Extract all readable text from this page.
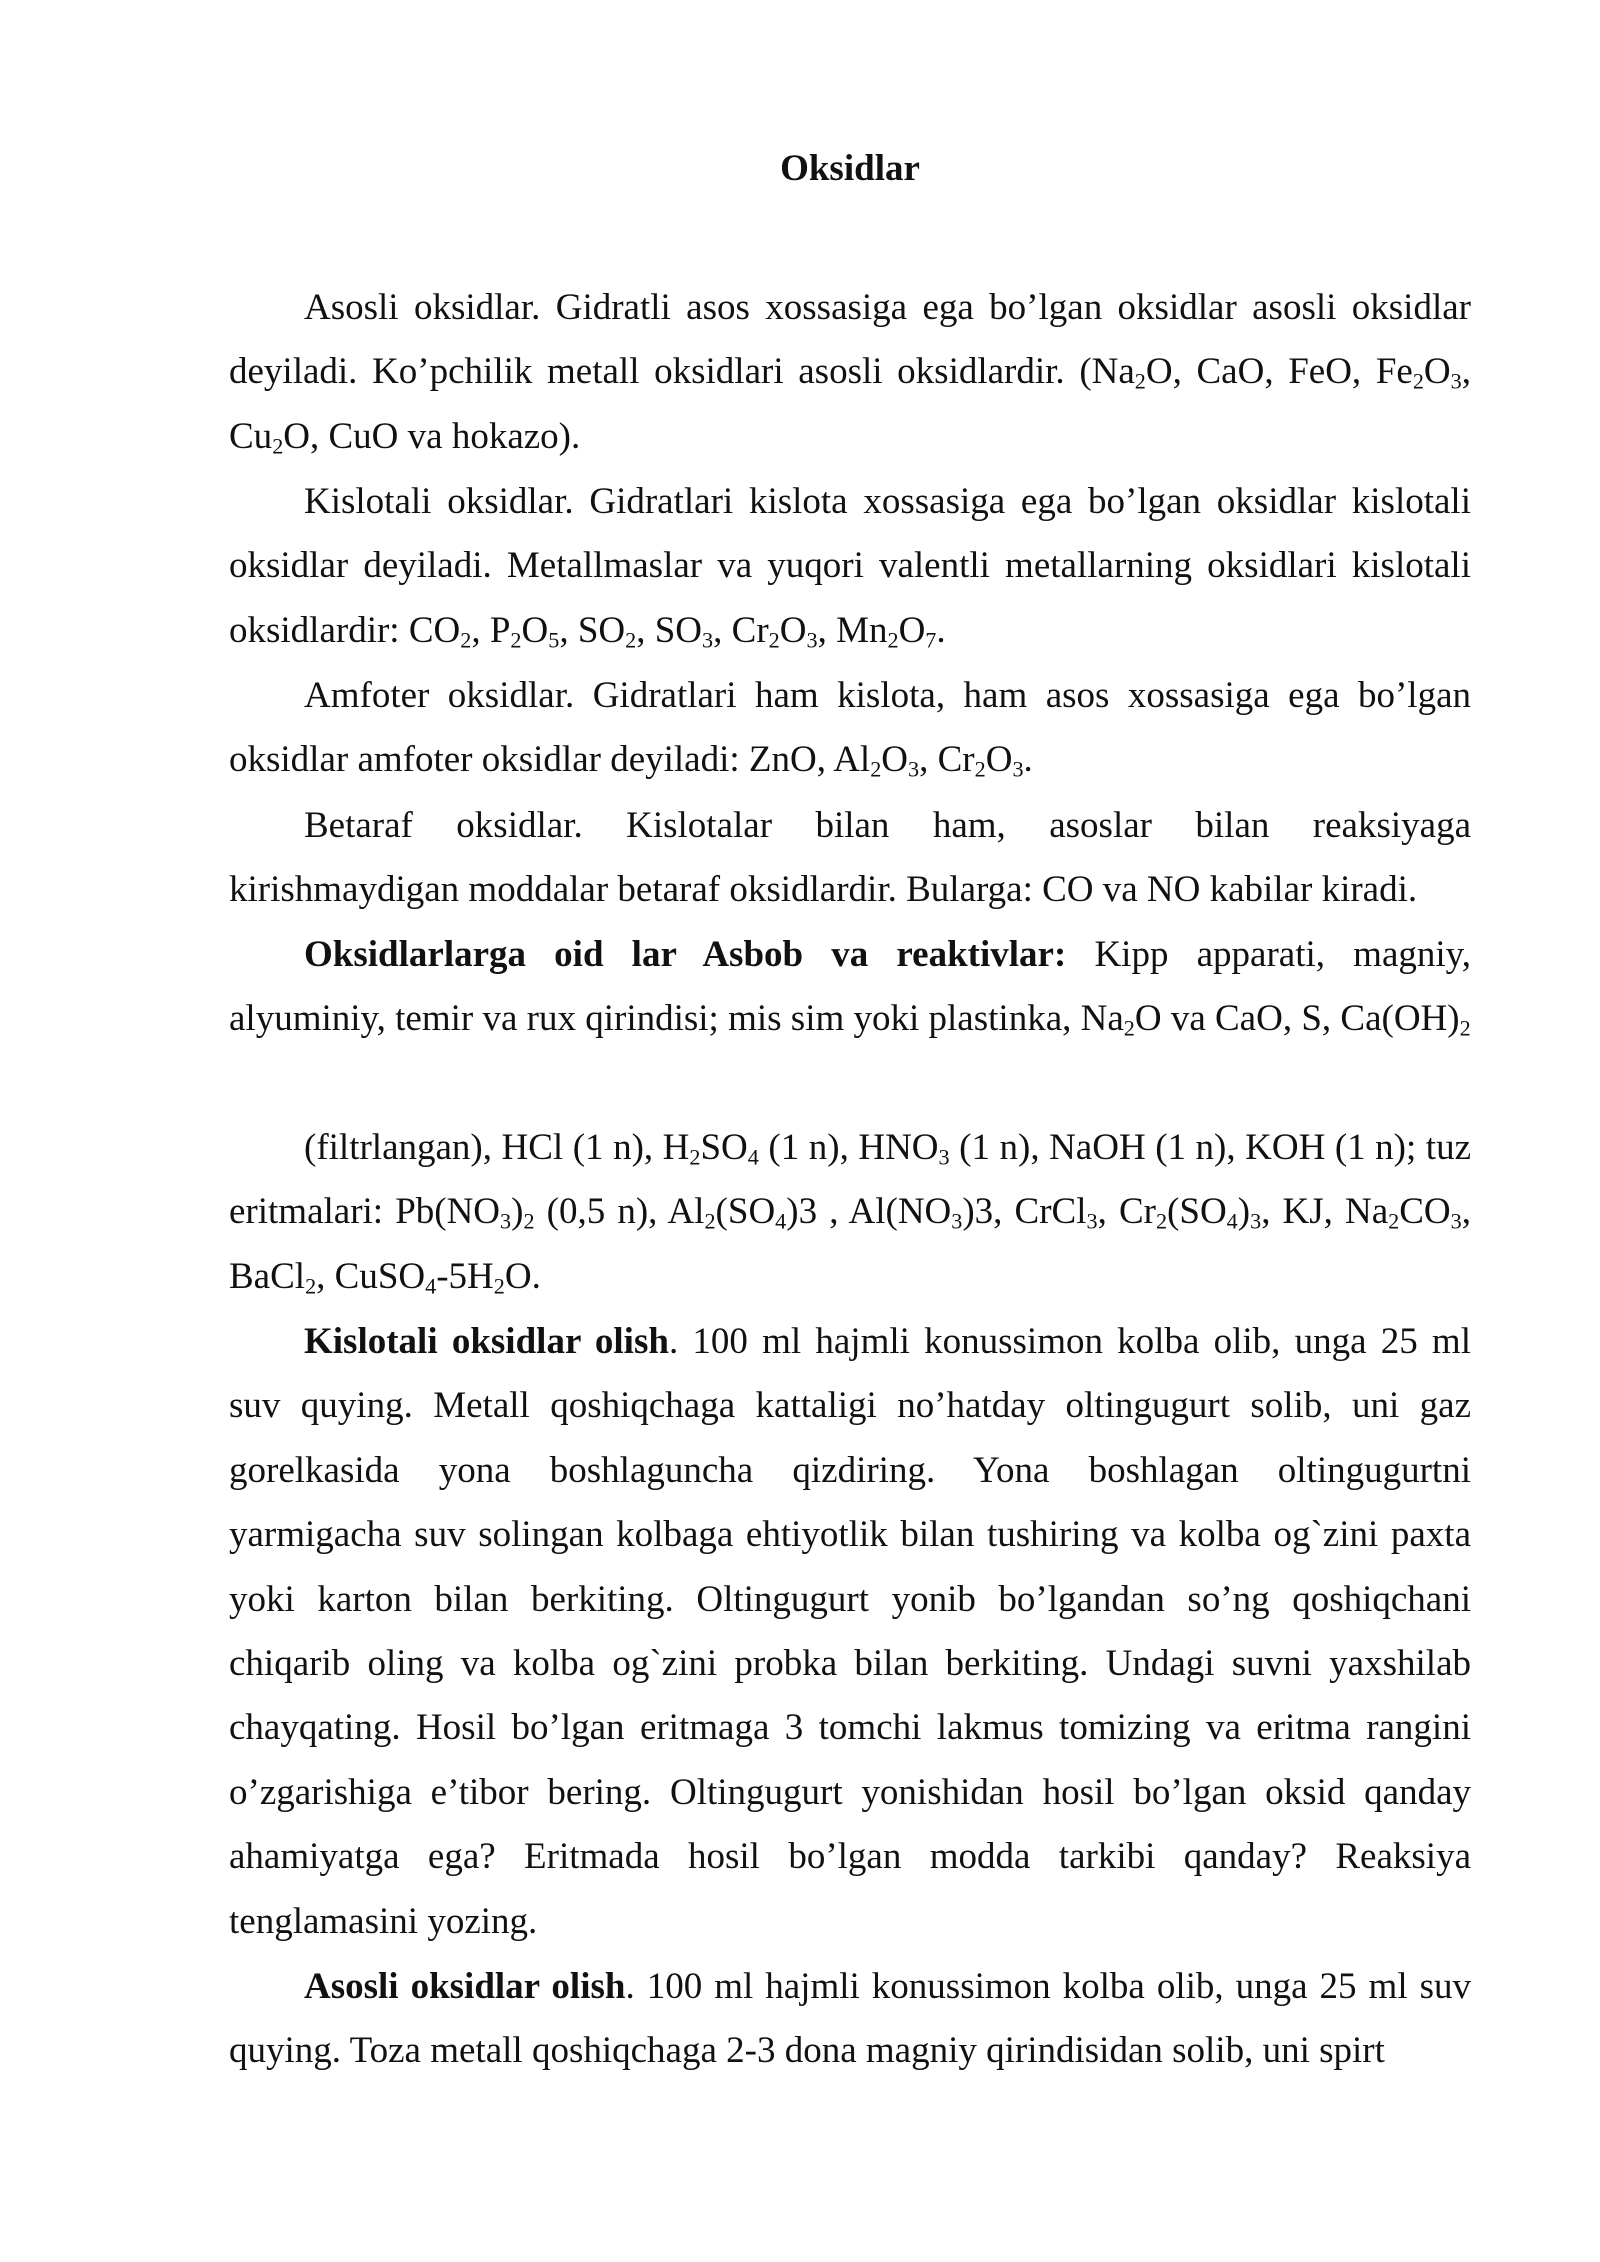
Oksidlar

Asosli oksidlar. Gidratli asos xossasiga ega bo’lgan oksidlar asosli oksidlar deyiladi. Ko’pchilik metall oksidlari asosli oksidlardir. ($Na_2O$, CaO, FeO, $Fe_2O_3$, $Cu_2O$, CuO va hokazo).

Kislotali oksidlar. Gidratlari kislota xossasiga ega bo’lgan oksidlar kislotali oksidlar deyiladi. Metallmaslar va yuqori valentli metallarning oksidlari kislotali oksidlardir: $CO_2$, $P_2O_5$, $SO_2$, $SO_3$, $Cr_2O_3$, $Mn_2O_7$.

Amfoter oksidlar. Gidratlari ham kislota, ham asos xossasiga ega bo’lgan oksidlar amfoter oksidlar deyiladi: ZnO, $Al_2O_3$, $Cr_2O_3$.

Betaraf oksidlar. Kislotalar bilan ham, asoslar bilan reaksiyaga kirishmaydigan moddalar betaraf oksidlardir. Bularga: CO va NO kabilar kiradi.

Oksidlarlarga oid lar Asbob va reaktivlar: Kipp apparati, magniy, alyuminiy, temir va rux qirindisi; mis sim yoki plastinka, $Na_2O$ va CaO, S, $Ca(OH)_2$

(filtrlangan), HCl (1 n), $H_2SO_4$ (1 n), $HNO_3$ (1 n), NaOH (1 n), KOH (1 n); tuz eritmalari: $Pb(NO_3)_2$ (0,5 n), $Al_2(SO_4)3$ , $Al(NO_3)3$, CrCl$_3$, $Cr_2(SO_4)_3$, KJ, $Na_2CO_3$, BaCl$_2$, $CuSO_4-5H_2O$.

Kislotali oksidlar olish. 100 ml hajmli konussimon kolba olib, unga 25 ml suv quying. Metall qoshiqchaga kattaligi no’hatday oltingugurt solib, uni gaz gorelkasida yona boshlaguncha qizdiring. Yona boshlagan oltingugurtni yarmigacha suv solingan kolbaga ehtiyotlik bilan tushiring va kolba og`zini paxta yoki karton bilan berkiting. Oltingugurt yonib bo’lgandan so’ng qoshiqchani chiqarib oling va kolba og`zini probka bilan berkiting. Undagi suvni yaxshilab chayqating. Hosil bo’lgan eritmaga 3 tomchi lakmus tomizing va eritma rangini o’zgarishiga e’tibor bering. Oltingugurt yonishidan hosil bo’lgan oksid qanday ahamiyatga ega? Eritmada hosil bo’lgan modda tarkibi qanday? Reaksiya tenglamasini yozing.

Asosli oksidlar olish. 100 ml hajmli konussimon kolba olib, unga 25 ml suv quying. Toza metall qoshiqchaga 2-3 dona magniy qirindisidan solib, uni spirt
